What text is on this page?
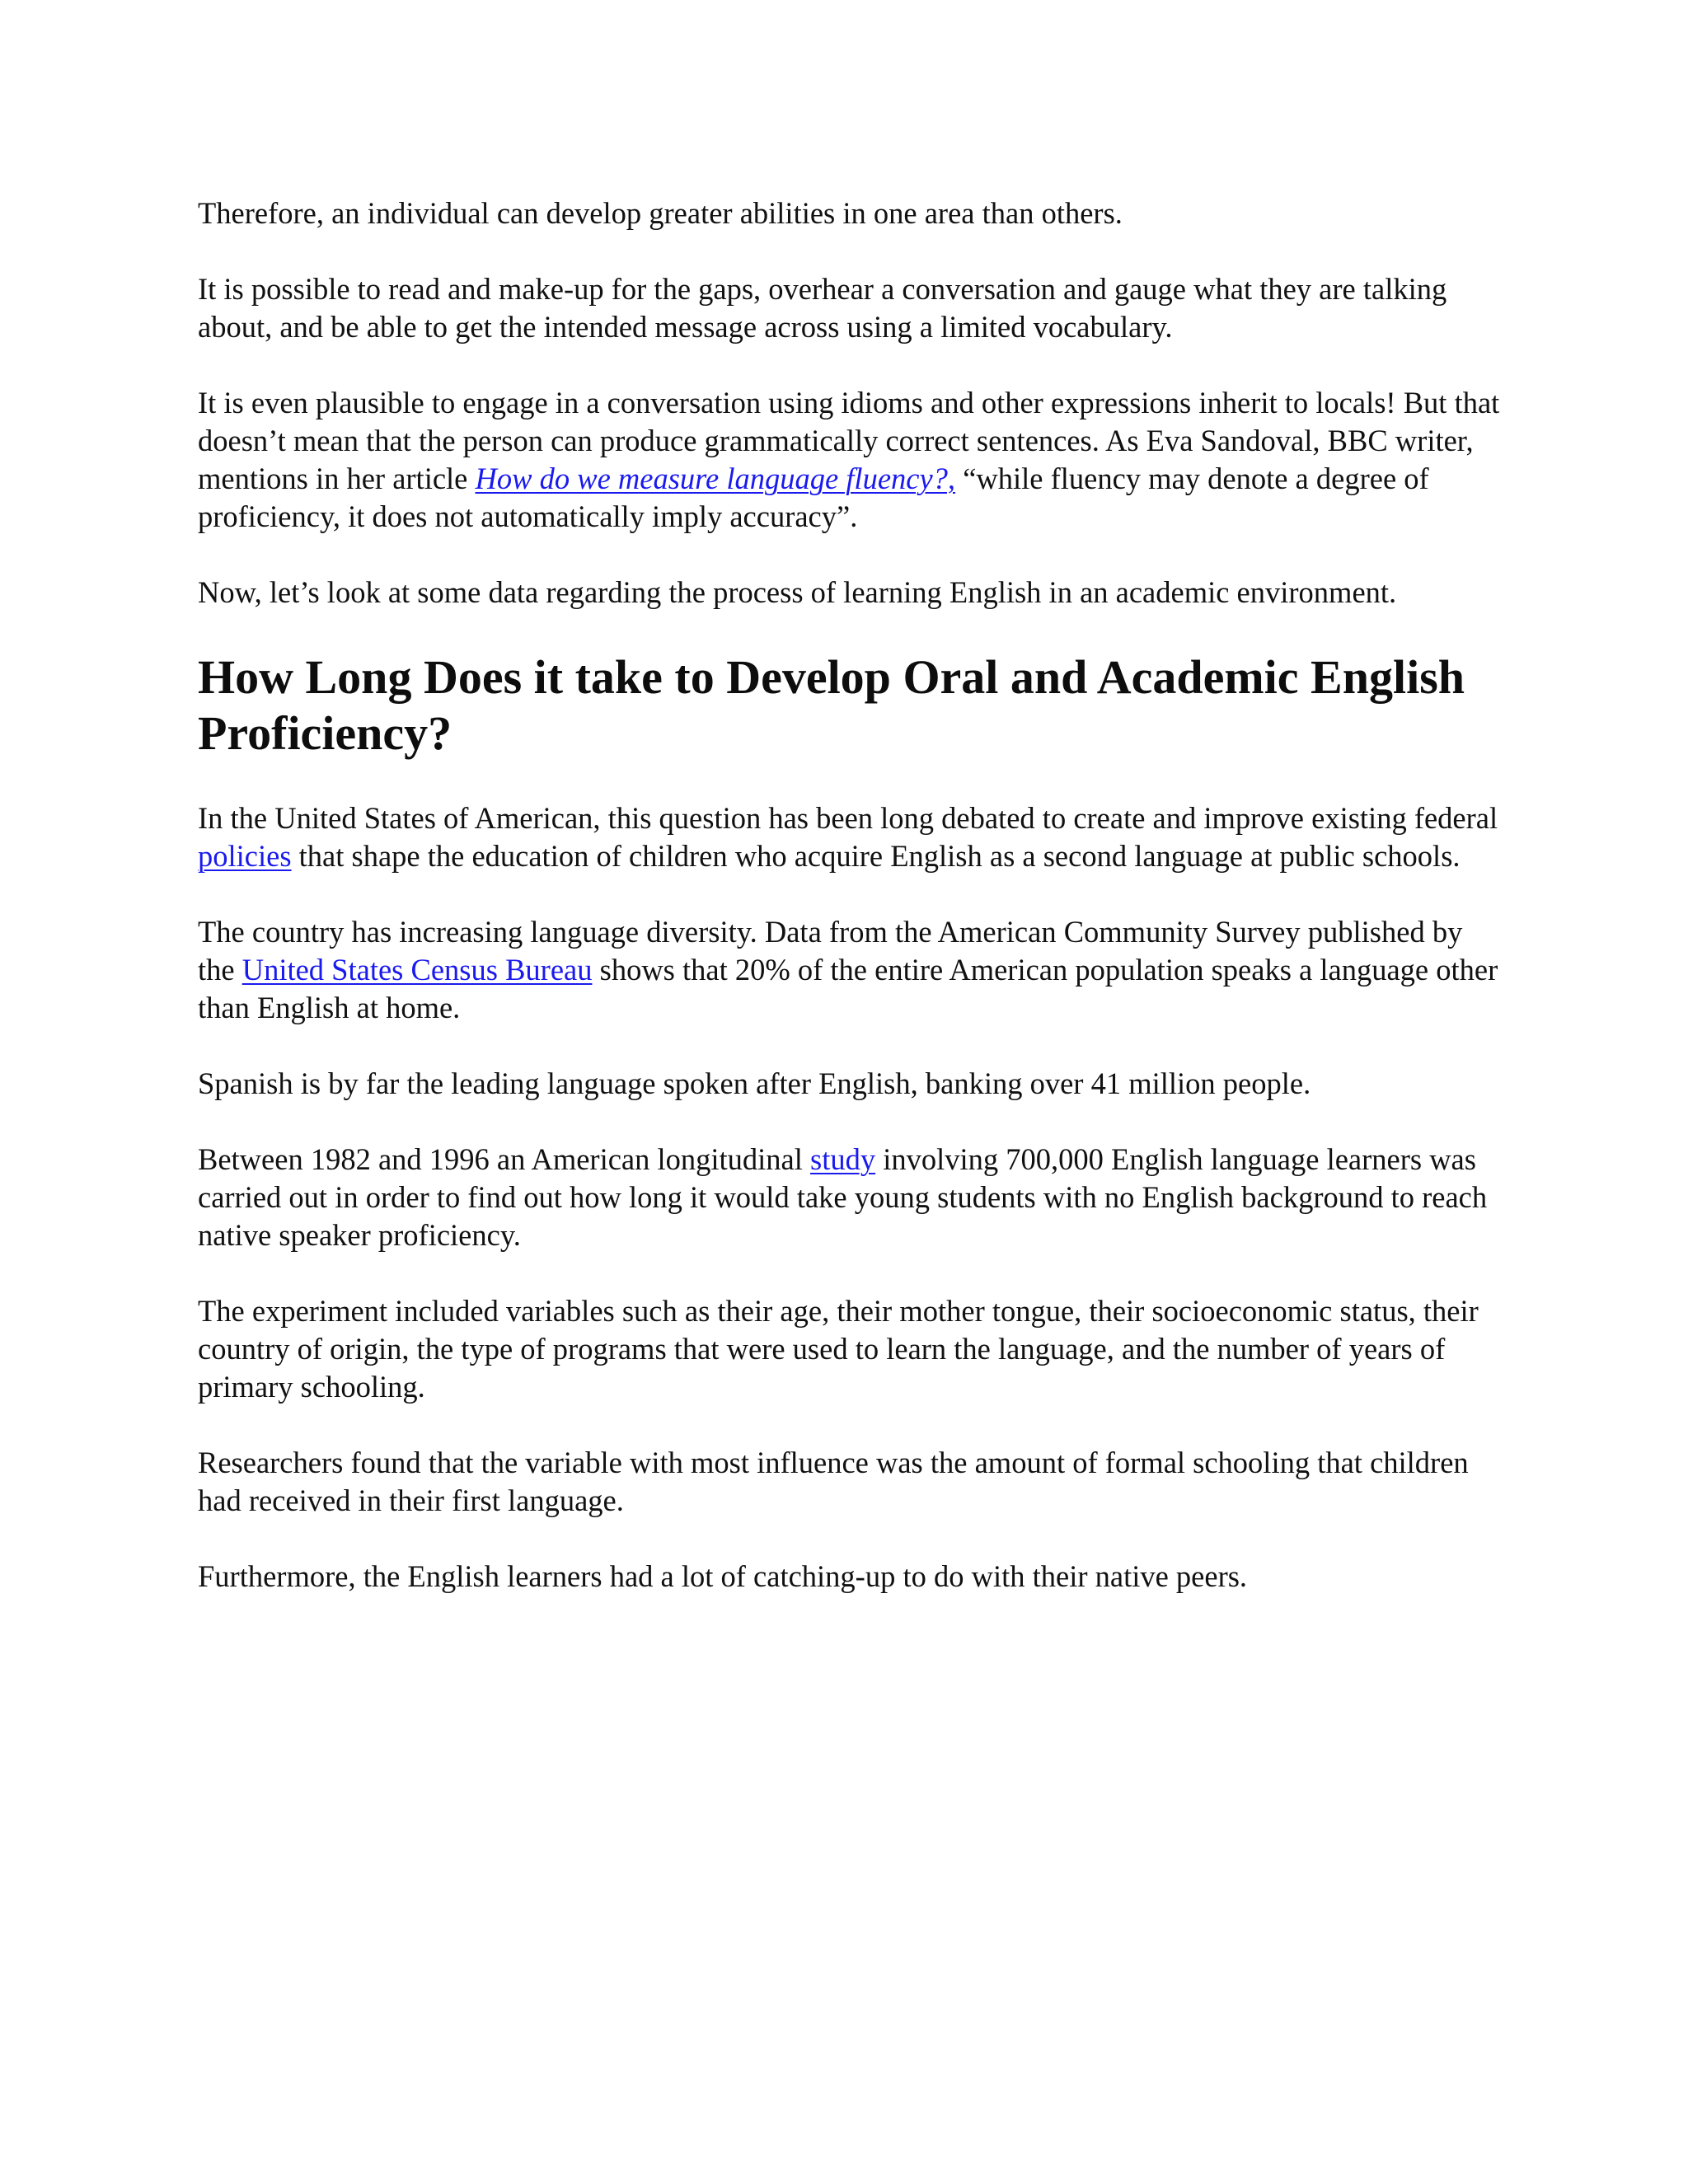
Therefore, an individual can develop greater abilities in one area than others.

It is possible to read and make-up for the gaps, overhear a conversation and gauge what they are talking about, and be able to get the intended message across using a limited vocabulary.

It is even plausible to engage in a conversation using idioms and other expressions inherit to locals! But that doesn’t mean that the person can produce grammatically correct sentences. As Eva Sandoval, BBC writer, mentions in her article How do we measure language fluency?, “while fluency may denote a degree of proficiency, it does not automatically imply accuracy”.

Now, let’s look at some data regarding the process of learning English in an academic environment.

How Long Does it take to Develop Oral and Academic English Proficiency?

In the United States of American, this question has been long debated to create and improve existing federal policies that shape the education of children who acquire English as a second language at public schools.

The country has increasing language diversity. Data from the American Community Survey published by the United States Census Bureau shows that 20% of the entire American population speaks a language other than English at home.

Spanish is by far the leading language spoken after English, banking over 41 million people.

Between 1982 and 1996 an American longitudinal study involving 700,000 English language learners was carried out in order to find out how long it would take young students with no English background to reach native speaker proficiency.

The experiment included variables such as their age, their mother tongue, their socioeconomic status, their country of origin, the type of programs that were used to learn the language, and the number of years of primary schooling.

Researchers found that the variable with most influence was the amount of formal schooling that children had received in their first language.

Furthermore, the English learners had a lot of catching-up to do with their native peers.
